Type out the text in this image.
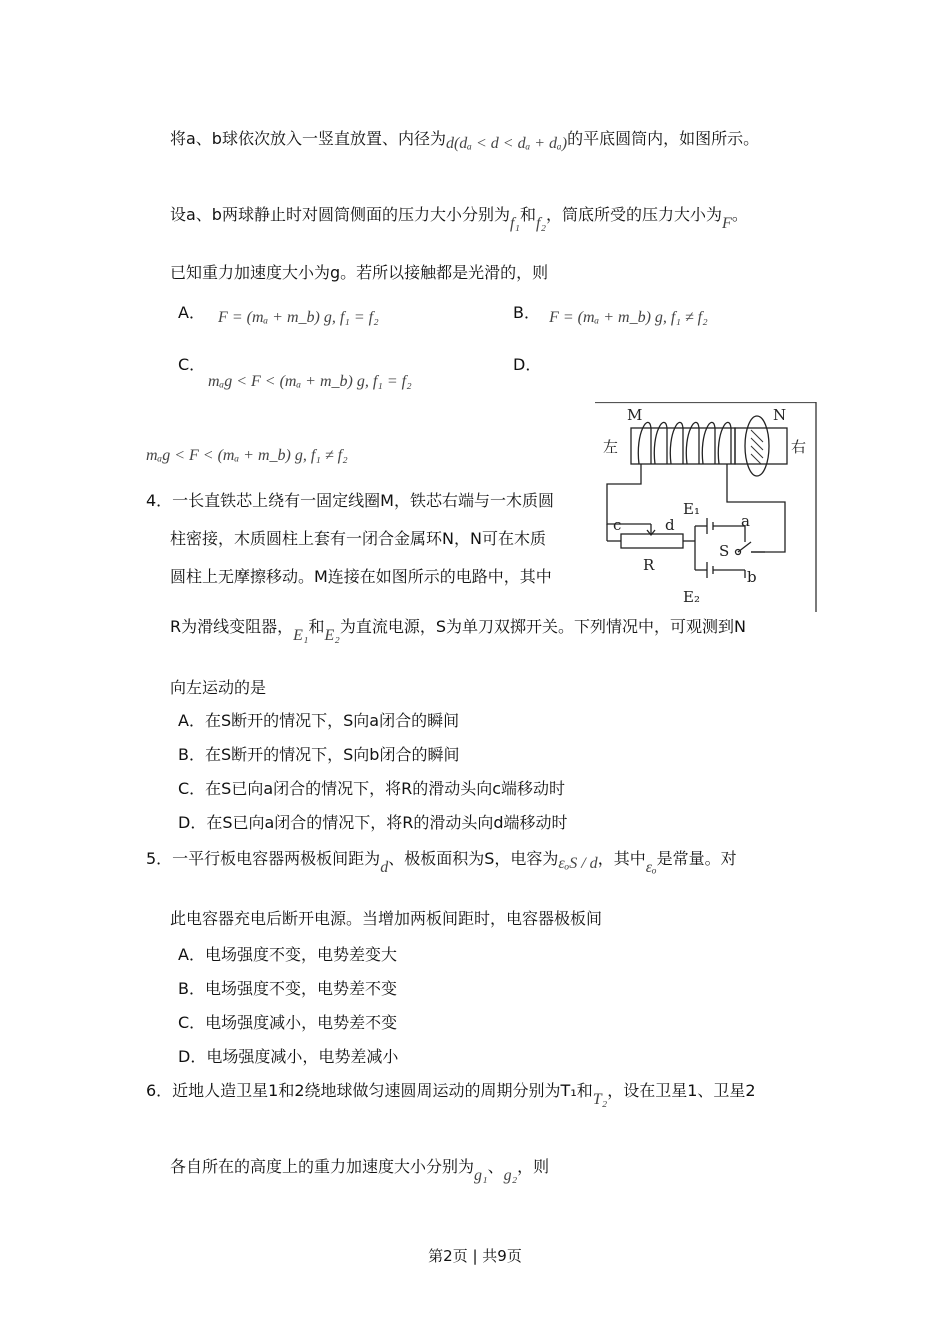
将a、b球依次放入一竖直放置、内径为d(dₐ < d < dₐ + dₐ)的平底圆筒内，如图所示。
设a、b两球静止时对圆筒侧面的压力大小分别为f₁和f₂，筒底所受的压力大小为F。
已知重力加速度大小为g。若所以接触都是光滑的，则
A． F = (mₐ + m_b) g, f₁ = f₂	B． F = (mₐ + m_b) g, f₁ ≠ f₂
C．
mₐg < F < (mₐ + m_b) g, f₁ = f₂
D．
mₐg < F < (mₐ + m_b) g, f₁ ≠ f₂
4．一长直铁芯上绕有一固定线圈M，铁芯右端与一木质圆
柱密接，木质圆柱上套有一闭合金属环N，N可在木质
圆柱上无摩擦移动。M连接在如图所示的电路中，其中
R为滑线变阻器，E₁和E₂为直流电源，S为单刀双掷开关。下列情况中，可观测到N
向左运动的是
A．在S断开的情况下，S向a闭合的瞬间
B．在S断开的情况下，S向b闭合的瞬间
C．在S已向a闭合的情况下，将R的滑动头向c端移动时
D．在S已向a闭合的情况下，将R的滑动头向d端移动时
M	N
左	右
E₁
a
S
c	d
R
b
E₂
5．一平行板电容器两极板间距为d、极板面积为S，电容为εₒS / d，其中εₒ是常量。对
此电容器充电后断开电源。当增加两板间距时，电容器极板间
A．电场强度不变，电势差变大
B．电场强度不变，电势差不变
C．电场强度减小，电势差不变
D．电场强度减小，电势差减小
6．近地人造卫星1和2绕地球做匀速圆周运动的周期分别为T₁和T₂，设在卫星1、卫星2
各自所在的高度上的重力加速度大小分别为g₁、g₂，则
第2页 | 共9页
